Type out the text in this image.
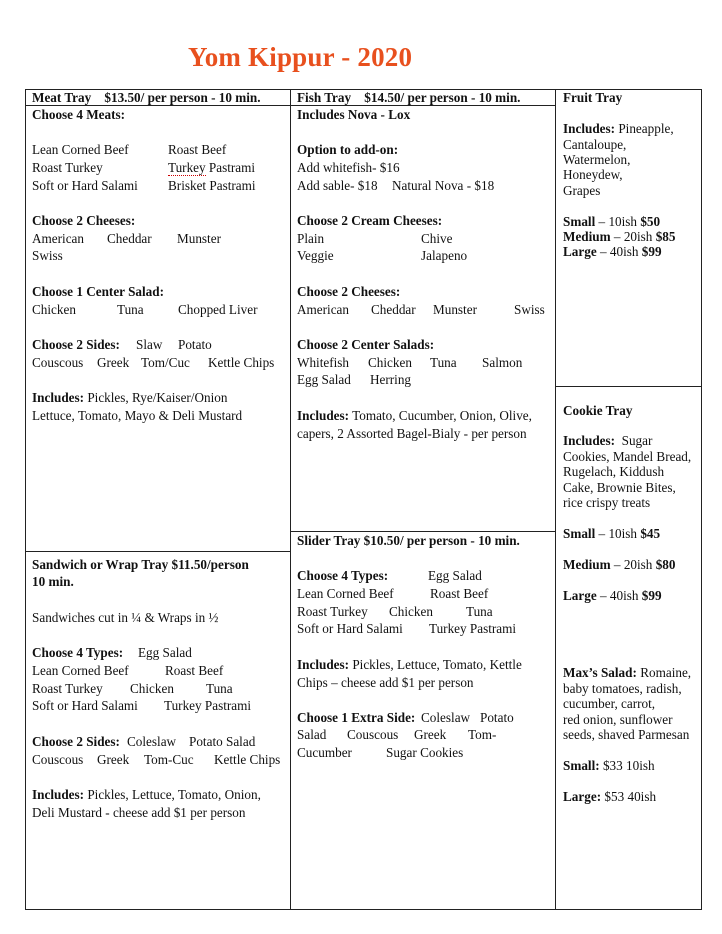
Yom Kippur - 2020
Meat Tray    $13.50/ per person - 10 min.
Choose 4 Meats:
Lean Corned Beef	Roast Beef
Roast Turkey	Turkey Pastrami
Soft or Hard Salami Brisket Pastrami
Choose 2 Cheeses:
American Cheddar Munster
Swiss
Choose 1 Center Salad:
Chicken	Tuna	Chopped Liver
Choose 2 Sides: Slaw Potato
Couscous Greek Tom/Cuc Kettle Chips
Includes: Pickles, Rye/Kaiser/Onion
Lettuce, Tomato, Mayo & Deli Mustard
Fish Tray    $14.50/ per person - 10 min.
Includes Nova - Lox
Option to add-on:
Add whitefish- $16
Add sable- $18 Natural Nova - $18
Choose 2 Cream Cheeses:
Plain	Chive
Veggie	Jalapeno
Choose 2 Cheeses:
American Cheddar Munster	Swiss
Choose 2 Center Salads:
Whitefish Chicken Tuna Salmon
Egg Salad Herring
Includes: Tomato, Cucumber, Onion, Olive,
capers, 2 Assorted Bagel-Bialy - per person
Fruit Tray
Includes: Pineapple,
Cantaloupe,
Watermelon,
Honeydew,
Grapes
Small – 10ish $50
Medium – 20ish $85
Large – 40ish $99
Cookie Tray
Includes: Sugar
Cookies, Mandel Bread,
Rugelach, Kiddush
Cake, Brownie Bites,
rice crispy treats
Small – 10ish $45
Medium – 20ish $80
Large – 40ish $99
Max’s Salad: Romaine,
baby tomatoes, radish,
cucumber, carrot,
red onion, sunflower
seeds, shaved Parmesan
Small: $33 10ish
Large: $53 40ish
Sandwich or Wrap Tray $11.50/person
10 min.
Sandwiches cut in ¼ & Wraps in ½
Choose 4 Types: Egg Salad
Lean Corned Beef	Roast Beef
Roast Turkey Chicken Tuna
Soft or Hard Salami Turkey Pastrami
Choose 2 Sides: Coleslaw Potato Salad
Couscous Greek Tom-Cuc Kettle Chips
Includes: Pickles, Lettuce, Tomato, Onion,
Deli Mustard - cheese add $1 per person
Slider Tray $10.50/ per person - 10 min.
Choose 4 Types:	Egg Salad
Lean Corned Beef	Roast Beef
Roast Turkey Chicken	Tuna
Soft or Hard Salami Turkey Pastrami
Includes: Pickles, Lettuce, Tomato, Kettle
Chips – cheese add $1 per person
Choose 1 Extra Side: Coleslaw Potato
Salad Couscous Greek Tom-
Cucumber	Sugar Cookies
